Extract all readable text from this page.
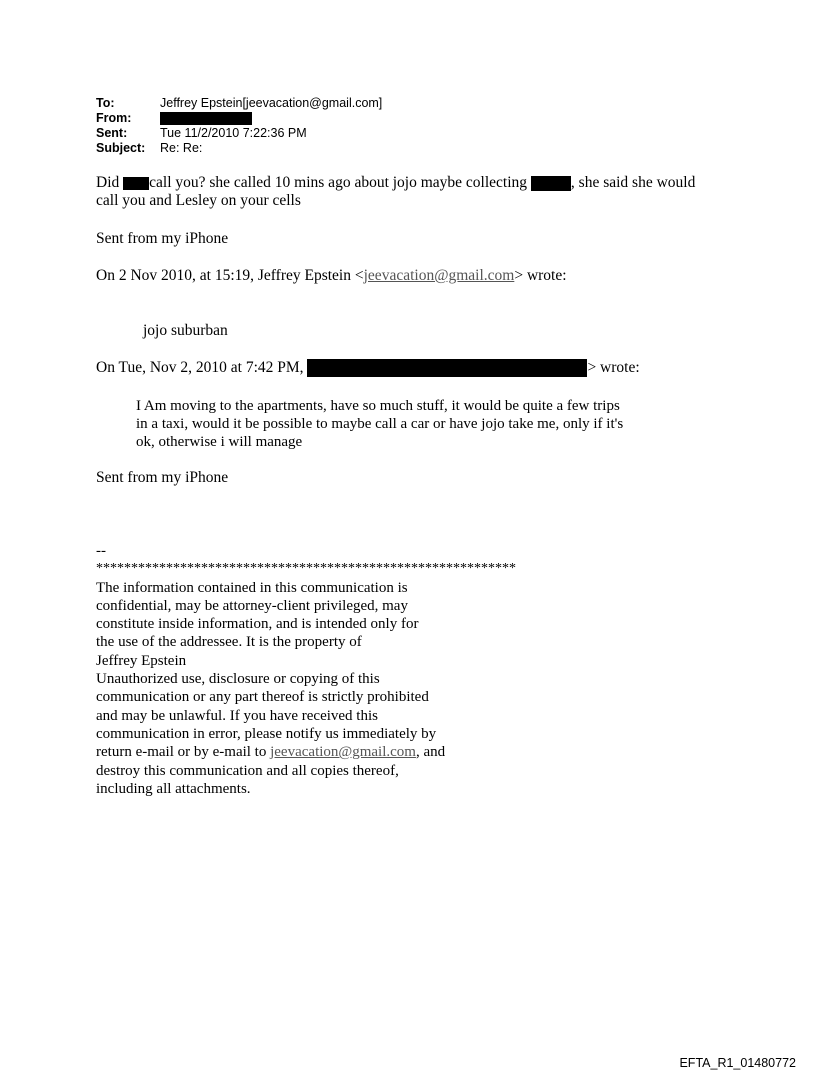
To:	Jeffrey Epstein[jeevacation@gmail.com]
From:
Sent:	Tue 11/2/2010 7:22:36 PM
Subject: Re: Re:
Did call you? she called 10 mins ago about jojo maybe collecting	, she said she would
call you and Lesley on your cells
Sent from my iPhone
On 2 Nov 2010, at 15:19, Jeffrey Epstein <jeevacation@gmail.com> wrote:
jojo suburban
On Tue, Nov 2, 2010 at 7:42 PM,	> wrote:
I Am moving to the apartments, have so much stuff, it would be quite a few trips
in a taxi, would it be possible to maybe call a car or have jojo take me, only if it's
ok, otherwise i will manage
Sent from my iPhone
--
************************************************************
The information contained in this communication is
confidential, may be attorney-client privileged, may
constitute inside information, and is intended only for
the use of the addressee. It is the property of
Jeffrey Epstein
Unauthorized use, disclosure or copying of this
communication or any part thereof is strictly prohibited
and may be unlawful. If you have received this
communication in error, please notify us immediately by
return e-mail or by e-mail to jeevacation@gmail.com, and
destroy this communication and all copies thereof,
including all attachments.
EFTA_R1_01480772
